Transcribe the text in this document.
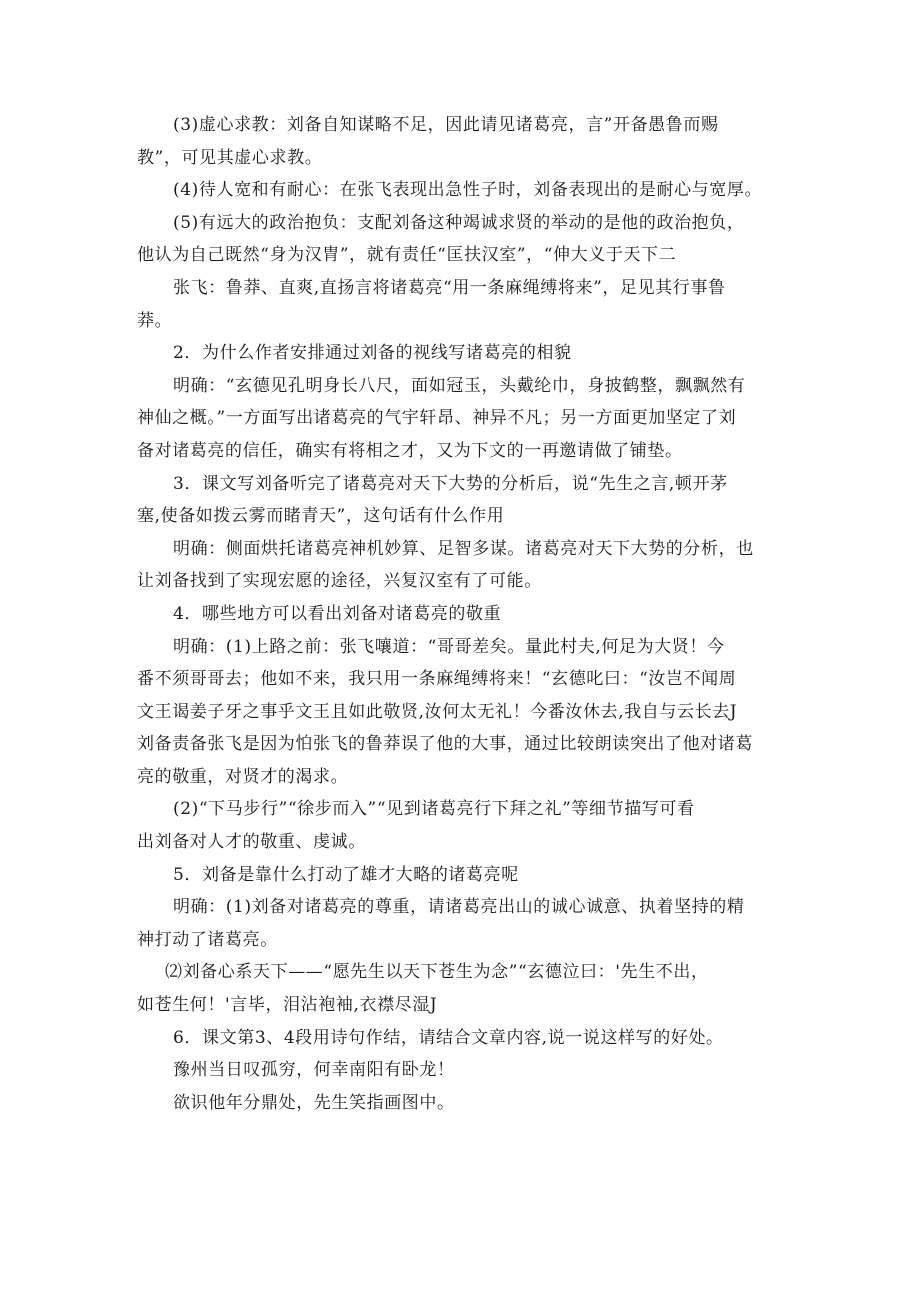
(3)虚心求教：刘备自知谋略不足，因此请见诸葛亮，言”开备愚鲁而赐
教”，可见其虚心求教。
(4)待人宽和有耐心：在张飞表现出急性子时，刘备表现出的是耐心与宽厚。
(5)有远大的政治抱负：支配刘备这种竭诚求贤的举动的是他的政治抱负，
他认为自己既然“身为汉胄”，就有责任“匡扶汉室”，“伸大义于天下二
张飞：鲁莽、直爽,直扬言将诸葛亮“用一条麻绳缚将来”，足见其行事鲁
莽。
2．为什么作者安排通过刘备的视线写诸葛亮的相貌
明确：“玄德见孔明身长八尺，面如冠玉，头戴纶巾，身披鹤整，飘飘然有
神仙之概。”一方面写出诸葛亮的气宇轩昂、神异不凡；另一方面更加坚定了刘
备对诸葛亮的信任，确实有将相之才，又为下文的一再邀请做了铺垫。
3．课文写刘备听完了诸葛亮对天下大势的分析后，说“先生之言,顿开茅
塞,使备如拨云雾而睹青天”，这句话有什么作用
明确：侧面烘托诸葛亮神机妙算、足智多谋。诸葛亮对天下大势的分析，也
让刘备找到了实现宏愿的途径，兴复汉室有了可能。
4．哪些地方可以看出刘备对诸葛亮的敬重
明确：(1)上路之前：张飞嚷道：“哥哥差矣。量此村夫,何足为大贤！今
番不须哥哥去；他如不来，我只用一条麻绳缚将来！“玄德叱曰：“汝岂不闻周
文王谒姜子牙之事乎文王且如此敬贤,汝何太无礼！今番汝休去,我自与云长去J
刘备责备张飞是因为怕张飞的鲁莽误了他的大事，通过比较朗读突出了他对诸葛
亮的敬重，对贤才的渴求。
(2)“下马步行”“徐步而入”“见到诸葛亮行下拜之礼”等细节描写可看
出刘备对人才的敬重、虔诚。
5．刘备是靠什么打动了雄才大略的诸葛亮呢
明确：(1)刘备对诸葛亮的尊重，请诸葛亮出山的诚心诚意、执着坚持的精
神打动了诸葛亮。
⑵刘备心系天下——“愿先生以天下苍生为念”“玄德泣曰：'先生不出，
如苍生何！'言毕，泪沾袍袖,衣襟尽湿J
6．课文第3、4段用诗句作结，请结合文章内容,说一说这样写的好处。
豫州当日叹孤穷，何幸南阳有卧龙！
欲识他年分鼎处，先生笑指画图中。
